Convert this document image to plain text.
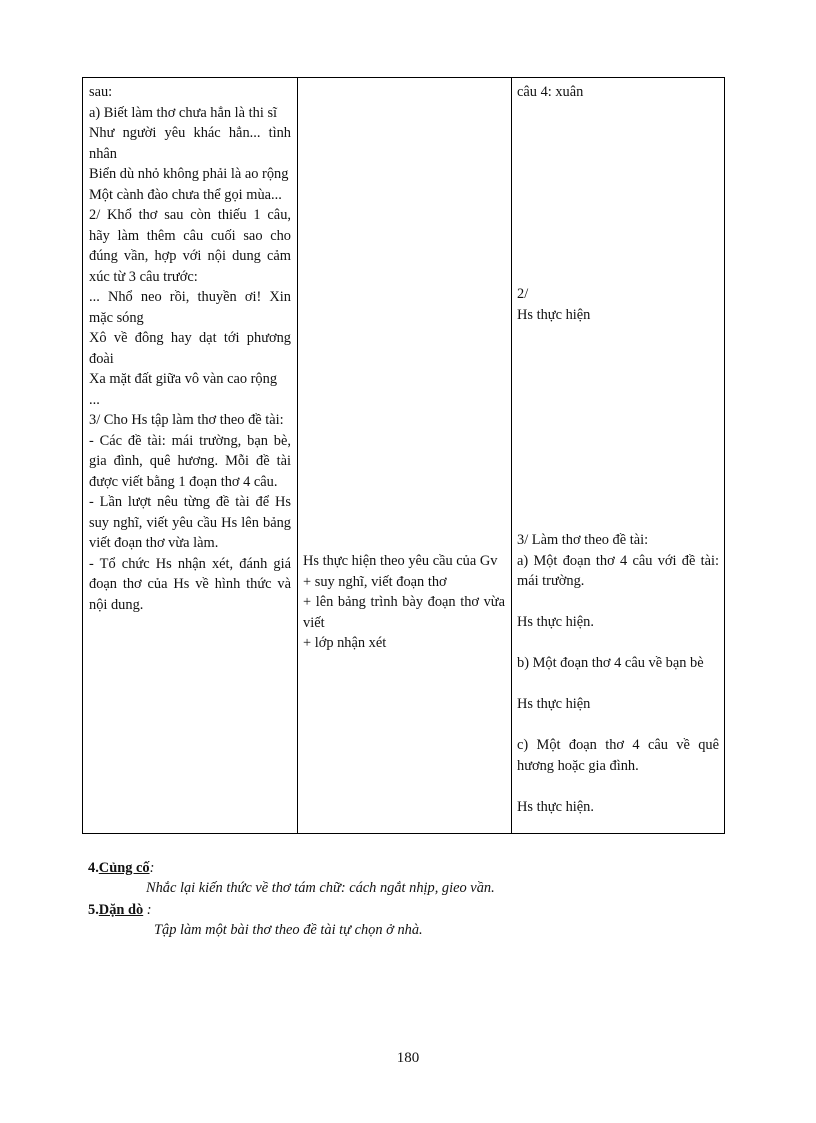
sau:
a) Biết làm thơ chưa hẳn là thi sĩ
Như người yêu khác hẳn... tình nhân
Biển dù nhỏ không phải là ao rộng
Một cành đào chưa thể gọi mùa...
2/ Khổ thơ sau còn thiếu 1 câu, hãy làm thêm câu cuối sao cho đúng vần, hợp với nội dung cảm xúc từ 3 câu trước:
... Nhổ neo rồi, thuyền ơi! Xin mặc sóng
Xô về đông hay dạt tới phương đoài
Xa mặt đất giữa vô vàn cao rộng
...
3/ Cho Hs tập làm thơ theo đề tài:
- Các đề tài: mái trường, bạn bè, gia đình, quê hương. Mỗi đề tài được viết bằng 1 đoạn thơ 4 câu.
- Lần lượt nêu từng đề tài để Hs suy nghĩ, viết yêu cầu Hs lên bảng viết đoạn thơ vừa làm.
- Tổ chức Hs nhận xét, đánh giá đoạn thơ của Hs về hình thức và nội dung.
Hs thực hiện theo yêu cầu của Gv
+ suy nghĩ, viết đoạn thơ
+ lên bảng trình bày đoạn thơ vừa viết
+ lớp nhận xét
câu 4: xuân
2/
Hs thực hiện
3/ Làm thơ theo đề tài:
a) Một đoạn thơ 4 câu với đề tài: mái trường.
Hs thực hiện.
b) Một đoạn thơ 4 câu về bạn bè
Hs thực hiện
c) Một đoạn thơ 4 câu về quê hương hoặc gia đình.
Hs thực hiện.
4.Củng cố:
Nhắc lại kiến thức về thơ tám chữ: cách ngắt nhịp, gieo vần.
5.Dặn dò :
Tập làm một bài thơ theo đề tài tự chọn ở nhà.
180
